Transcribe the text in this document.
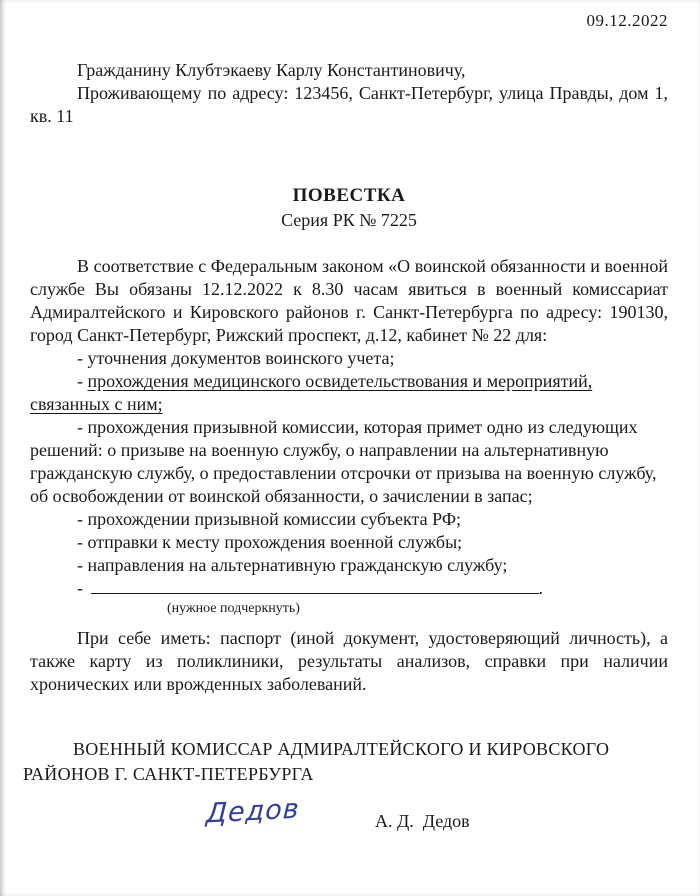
09.12.2022

Гражданину Клубтэкаеву Карлу Константиновичу,

Проживающему по адресу: 123456, Санкт-Петербург, улица Правды, дом 1, кв. 11

ПОВЕСТКА
Серия РК № 7225

В соответствие с Федеральным законом «О воинской обязанности и военной службе Вы обязаны 12.12.2022 к 8.30 часам явиться в военный комиссариат Адмиралтейского и Кировского районов г. Санкт-Петербурга по адресу: 190130, город Санкт-Петербург, Рижский проспект, д.12, кабинет № 22 для:

- уточнения документов воинского учета;

- прохождения медицинского освидетельствования и мероприятий, связанных с ним;

- прохождения призывной комиссии, которая примет одно из следующих решений: о призыве на военную службу, о направлении на альтернативную гражданскую службу, о предоставлении отсрочки от призыва на военную службу, об освобождении от воинской обязанности, о зачислении в запас;

- прохождении призывной комиссии субъекта РФ;

- отправки к месту прохождения военной службы;

- направления на альтернативную гражданскую службу;

-	.

(нужное подчеркнуть)

При себе иметь: паспорт (иной документ, удостоверяющий личность), а также карту из поликлиники, результаты анализов, справки при наличии хронических или врожденных заболеваний.

ВОЕННЫЙ КОМИССАР АДМИРАЛТЕЙСКОГО И КИРОВСКОГО РАЙОНОВ Г. САНКТ-ПЕТЕРБУРГА

Дедов	А. Д.  Дедов
